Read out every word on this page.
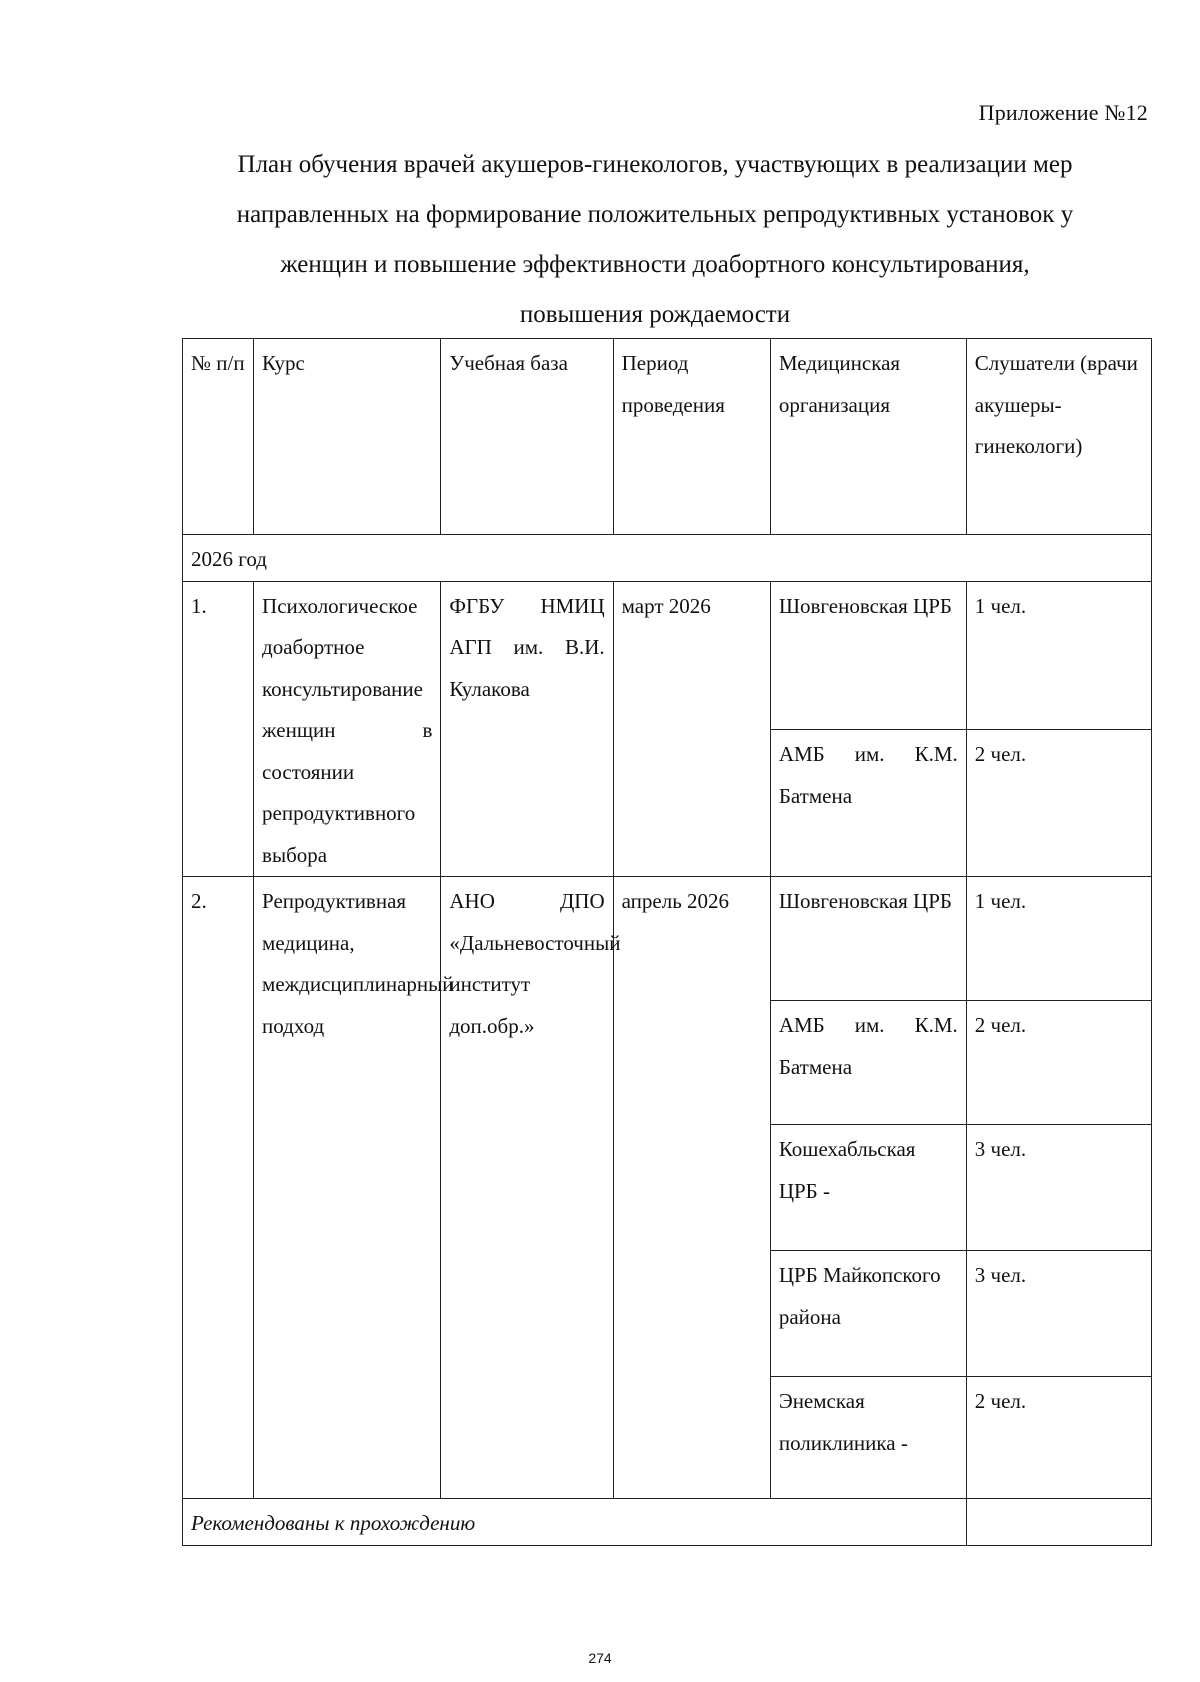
Приложение №12
План обучения врачей акушеров-гинекологов, участвующих в реализации мер
направленных на формирование положительных репродуктивных установок у
женщин и повышение эффективности доабортного консультирования,
повышения рождаемости
№ п/п	Курс	Учебная база	Период проведения	Медицинская организация	Слушатели (врачи акушеры-гинекологи)
2026 год					
1.	Психологическое доабортное консультирование женщин в состоянии репродуктивного выбора	ФГБУ НМИЦ АГП им. В.И. Кулакова	март 2026	Шовгеновская ЦРБ	1 чел.
				АМБ им. К.М. Батмена	2 чел.
2.	Репродуктивная медицина, междисциплинарный подход	АНО ДПО «Дальневосточный институт доп.обр.»	апрель 2026	Шовгеновская ЦРБ	1 чел.
				АМБ им. К.М. Батмена	2 чел.
				Кошехабльская ЦРБ -	3 чел.
				ЦРБ Майкопского района	3 чел.
				Энемская поликлиника -	2 чел.
Рекомендованы к прохождению					
274
